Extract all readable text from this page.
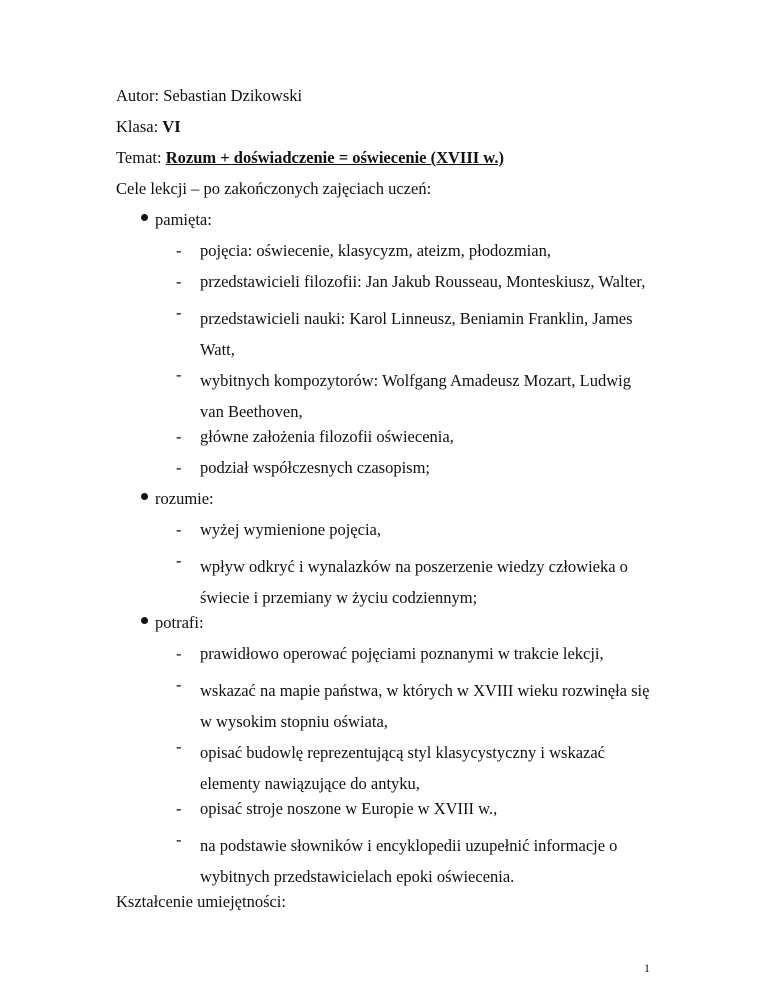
Autor: Sebastian Dzikowski
Klasa: VI
Temat: Rozum + doświadczenie = oświecenie (XVIII w.)
Cele lekcji – po zakończonych zajęciach uczeń:
pamięta:
- pojęcia: oświecenie, klasycyzm, ateizm, płodozmian,
- przedstawicieli filozofii: Jan Jakub Rousseau, Monteskiusz, Walter,
- przedstawicieli nauki: Karol Linneusz, Beniamin Franklin, James Watt,
- wybitnych kompozytorów: Wolfgang Amadeusz Mozart, Ludwig van Beethoven,
- główne założenia filozofii oświecenia,
- podział współczesnych czasopism;
rozumie:
- wyżej wymienione pojęcia,
- wpływ odkryć i wynalazków na poszerzenie wiedzy człowieka o świecie i przemiany w życiu codziennym;
potrafi:
- prawidłowo operować pojęciami poznanymi w trakcie lekcji,
- wskazać na mapie państwa, w których w XVIII wieku rozwinęła się w wysokim stopniu oświata,
- opisać budowlę reprezentującą styl klasycystyczny i wskazać elementy nawiązujące do antyku,
- opisać stroje noszone w Europie w XVIII w.,
- na podstawie słowników i encyklopedii uzupełnić informacje o wybitnych przedstawicielach epoki oświecenia.
Kształcenie umiejętności:
1
